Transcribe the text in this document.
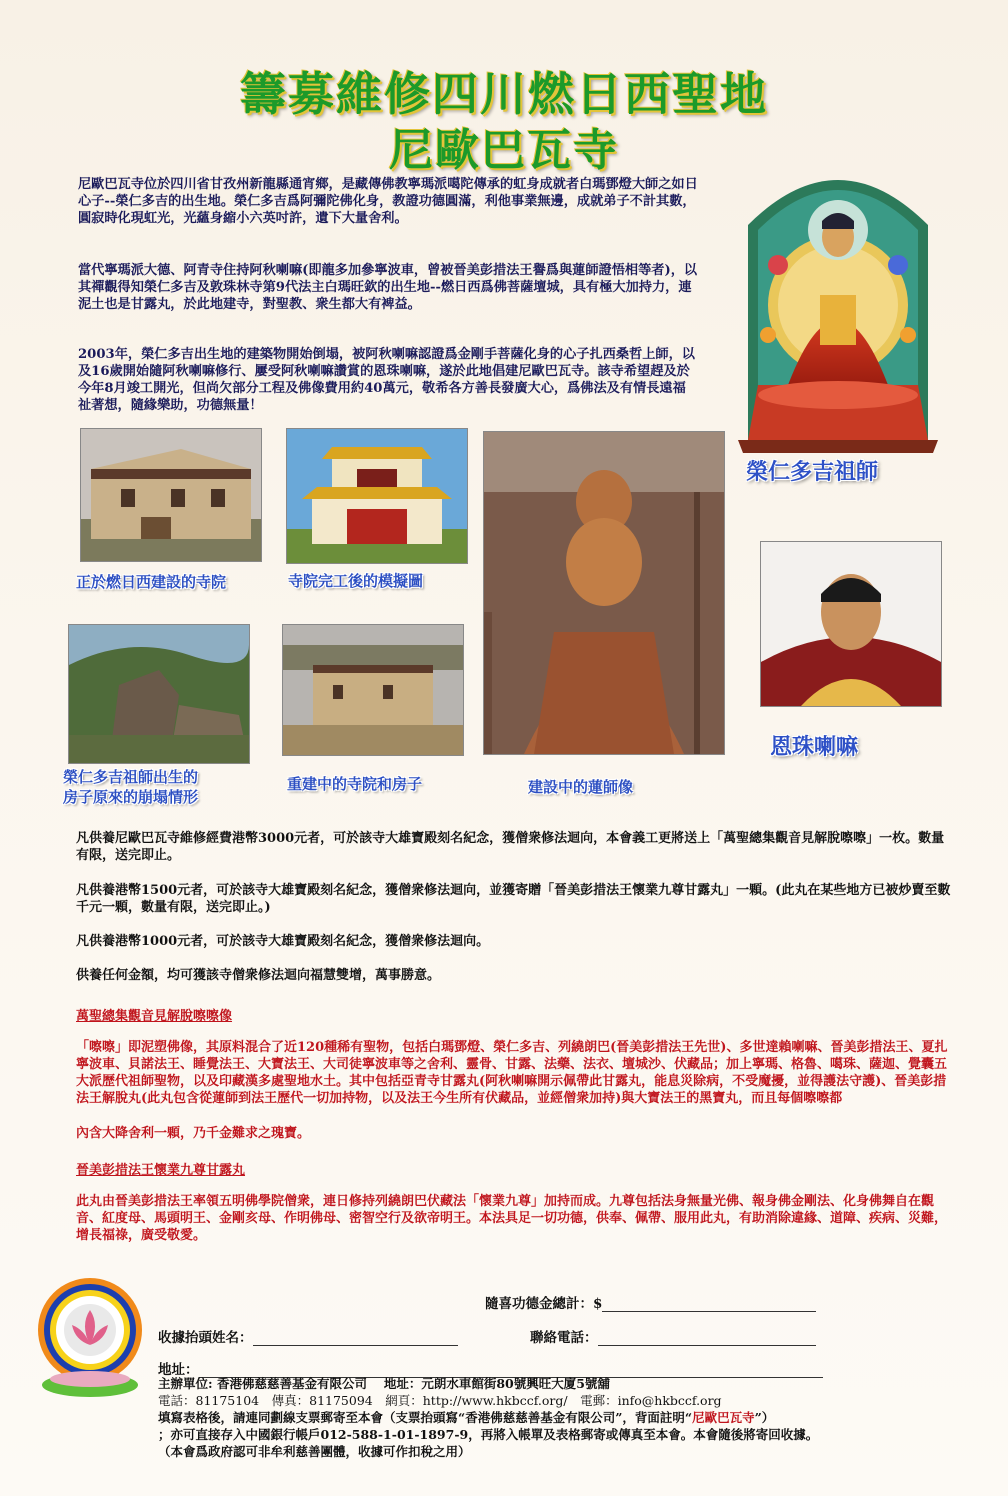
籌募維修四川燃日西聖地
尼歐巴瓦寺
尼歐巴瓦寺位於四川省甘孜州新龍縣通宵鄉，是藏傳佛教寧瑪派噶陀傳承的虹身成就者白瑪鄧燈大師之如日心子--榮仁多吉的出生地。榮仁多吉爲阿彌陀佛化身，教證功德圓滿，利他事業無邊，成就弟子不計其數，圓寂時化現虹光，光蘊身縮小六英吋許，遺下大量舍利。
當代寧瑪派大德、阿青寺住持阿秋喇嘛(即龍多加參寧波車，曾被晉美彭措法王譽爲與蓮師證悟相等者)，以其禪觀得知榮仁多吉及敦珠林寺第9代法主白瑪旺欽的出生地--燃日西爲佛菩薩壇城，具有極大加持力，連泥土也是甘露丸，於此地建寺，對聖教、衆生都大有裨益。
2003年，榮仁多吉出生地的建築物開始倒塌，被阿秋喇嘛認證爲金剛手菩薩化身的心子扎西桑哲上師，以及16歲開始隨阿秋喇嘛修行、屢受阿秋喇嘛讚賞的恩珠喇嘛，遂於此地倡建尼歐巴瓦寺。該寺希望趕及於今年8月竣工開光，但尚欠部分工程及佛像費用約40萬元，敬希各方善長發廣大心，爲佛法及有情長遠福祉著想，隨緣樂助，功德無量！
正於燃日西建設的寺院	寺院完工後的模擬圖
榮仁多吉祖師出生的
房子原來的崩塌情形
重建中的寺院和房子	建設中的蓮師像
榮仁多吉祖師
恩珠喇嘛
凡供養尼歐巴瓦寺維修經費港幣3000元者，可於該寺大雄寶殿刻名紀念，獲僧衆修法迴向，本會義工更將送上「萬聖總集觀音見解脫嚓嚓」一枚。數量有限，送完即止。
凡供養港幣1500元者，可於該寺大雄寶殿刻名紀念，獲僧衆修法迴向，並獲寄贈「晉美彭措法王懷業九尊甘露丸」一顆。(此丸在某些地方已被炒賣至數千元一顆，數量有限，送完即止。)
凡供養港幣1000元者，可於該寺大雄寶殿刻名紀念，獲僧衆修法迴向。
供養任何金額，均可獲該寺僧衆修法迴向福慧雙增，萬事勝意。
萬聖總集觀音見解脫嚓嚓像
「嚓嚓」即泥塑佛像，其原料混合了近120種稀有聖物，包括白瑪鄧燈、榮仁多吉、列繞朗巴(晉美彭措法王先世)、多世達賴喇嘛、晉美彭措法王、夏扎寧波車、貝諾法王、睡覺法王、大寶法王、大司徒寧波車等之舍利、靈骨、甘露、法藥、法衣、壇城沙、伏藏品；加上寧瑪、格魯、噶珠、薩迦、覺囊五大派歷代祖師聖物，以及印藏漢多處聖地水土。其中包括亞青寺甘露丸(阿秋喇嘛開示佩帶此甘露丸，能息災除病，不受魔擾，並得護法守護)、晉美彭措法王解脫丸(此丸包含從蓮師到法王歷代一切加持物，以及法王今生所有伏藏品，並經僧衆加持)與大寶法王的黑寶丸，而且每個嚓嚓都
內含大降舍利一顆，乃千金難求之瑰寶。
晉美彭措法王懷業九尊甘露丸
此丸由晉美彭措法王率領五明佛學院僧衆，連日修持列繞朗巴伏藏法「懷業九尊」加持而成。九尊包括法身無量光佛、報身佛金剛法、化身佛舞自在觀音、紅度母、馬頭明王、金剛亥母、作明佛母、密智空行及欲帝明王。本法具足一切功德，供奉、佩帶、服用此丸，有助消除違緣、道障、疾病、災難，增長福祿，廣受敬愛。
隨喜功德金總計：$
收據抬頭姓名：	聯絡電話：
地址：
主辦單位: 香港佛慈慈善基金有限公司　 地址：元朗水車館街80號興旺大廈5號舖
電話：81175104　傳真：81175094　網頁：http://www.hkbccf.org/　電郵：info@hkbccf.org
填寫表格後，請連同劃線支票郵寄至本會（支票抬頭寫“香港佛慈慈善基金有限公司”，背面註明“尼歐巴瓦寺”）
；亦可直接存入中國銀行帳戶012-588-1-01-1897-9，再將入帳單及表格郵寄或傳真至本會。本會隨後將寄回收據。
（本會爲政府認可非牟利慈善團體，收據可作扣稅之用）
